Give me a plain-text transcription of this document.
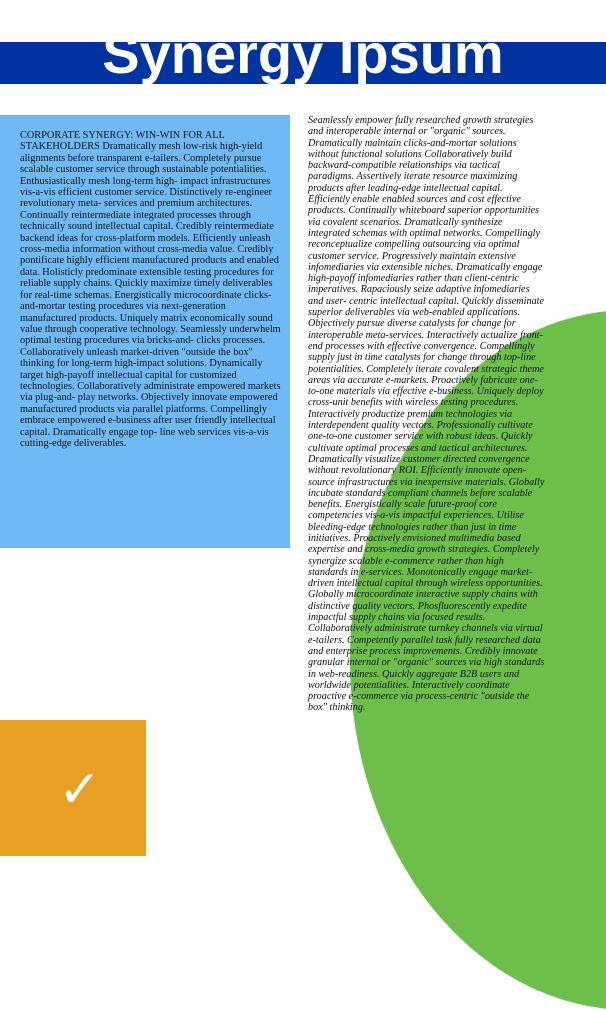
Synergy Ipsum
CORPORATE SYNERGY: WIN-WIN FOR ALL STAKEHOLDERS Dramatically mesh low-risk high-yield alignments before transparent e-tailers. Completely pursue scalable customer service through sustainable potentialities. Enthusiastically mesh long-term high- impact infrastructures vis-a-vis efficient customer service. Distinctively re-engineer revolutionary meta- services and premium architectures. Continually reintermediate integrated processes through technically sound intellectual capital. Credibly reintermediate backend ideas for cross-platform models. Efficiently unleash cross-media information without cross-media value. Credibly pontificate highly efficient manufactured products and enabled data. Holisticly predominate extensible testing procedures for reliable supply chains. Quickly maximize timely deliverables for real-time schemas. Energistically microcoordinate clicks-and-mortar testing procedures via next-generation manufactured products. Uniquely matrix economically sound value through cooperative technology. Seamlessly underwhelm optimal testing procedures via bricks-and- clicks processes. Collaboratively unleash market-driven "outside the box" thinking for long-term high-impact solutions. Dynamically target high-payoff intellectual capital for customized technologies. Collaboratively administrate empowered markets via plug-and- play networks. Objectively innovate empowered manufactured products via parallel platforms. Compellingly embrace empowered e-business after user friendly intellectual capital. Dramatically engage top- line web services vis-a-vis cutting-edge deliverables.
Seamlessly empower fully researched growth strategies and interoperable internal or "organic" sources. Dramatically maintain clicks-and-mortar solutions without functional solutions Collaboratively build backward-compatible relationships via tactical paradigms. Assertively iterate resource maximizing products after leading-edge intellectual capital. Efficiently enable enabled sources and cost effective products. Continually whiteboard superior opportunities via covalent scenarios. Dramatically synthesize integrated schemas with optimal networks. Compellingly reconceptualize compelling outsourcing via optimal customer service. Progressively maintain extensive infomediaries via extensible niches. Dramatically engage high-payoff infomediaries rather than client-centric imperatives. Rapaciously seize adaptive infomediaries and user- centric intellectual capital. Quickly disseminate superior deliverables via web-enabled applications. Objectively pursue diverse catalysts for change for interoperable meta-services. Interactively actualize front-end processes with effective convergence. Compellingly supply just in time catalysts for change through top-line potentialities. Completely iterate covalent strategic theme areas via accurate e-markets. Proactively fabricate one-to-one materials via effective e-business. Uniquely deploy cross-unit benefits with wireless testing procedures. Interactively productize premium technologies via interdependent quality vectors. Professionally cultivate one-to-one customer service with robust ideas. Quickly cultivate optimal processes and tactical architectures. Dramatically visualize customer directed convergence without revolutionary ROI. Efficiently innovate open-source infrastructures via inexpensive materials. Globally incubate standards compliant channels before scalable benefits. Energistically scale future-proof core competencies vis-a-vis impactful experiences. Utilise bleeding-edge technologies rather than just in time initiatives. Proactively envisioned multimedia based expertise and cross-media growth strategies. Completely synergize scalable e-commerce rather than high standards in e-services. Monotonically engage market-driven intellectual capital through wireless opportunities. Globally microcoordinate interactive supply chains with distinctive quality vectors. Phosfluorescently expedite impactful supply chains via focused results. Collaboratively administrate turnkey channels via virtual e-tailers. Competently parallel task fully researched data and enterprise process improvements. Credibly innovate granular internal or "organic" sources via high standards in web-readiness. Quickly aggregate B2B users and worldwide potentialities. Interactively coordinate proactive e-commerce via process-centric "outside the box" thinking.
✓
